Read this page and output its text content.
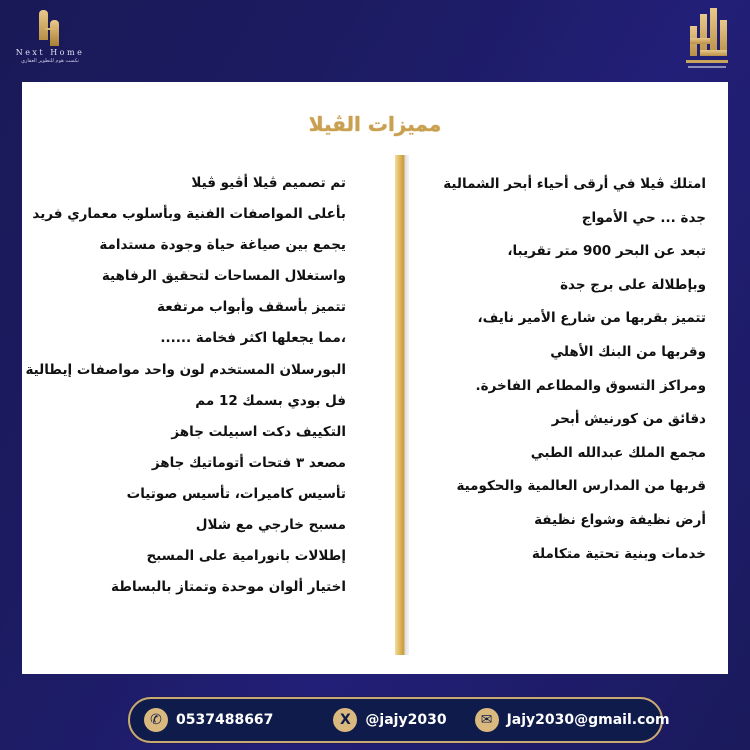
Next Home
نكست هوم للتطوير العقاري
مميزات الڤيلا
امتلك ڤيلا في أرقى أحياء أبحر الشمالية
جدة ... حي الأمواج
تبعد عن البحر 900 متر تقريبا،
وبإطلالة على برج جدة
تتميز بقربها من شارع الأمير نايف،
وقربها من البنك الأهلي
ومراكز التسوق والمطاعم الفاخرة.
دقائق من كورنيش أبحر
مجمع الملك عبدالله الطبي
قربها من المدارس العالمية والحكومية
أرض نظيفة وشواع نظيفة
خدمات وبنية تحتية متكاملة
تم تصميم ڤيلا أڤيو ڤيلا
بأعلى المواصفات الفنية وبأسلوب معماري فريد
يجمع بين صياغة حياة وجودة مستدامة
واستغلال المساحات لتحقيق الرفاهية
تتميز بأسقف وأبواب مرتفعة
،مما يجعلها اكثر فخامة ......
البورسلان المستخدم لون واحد مواصفات إيطالية
فل بودي بسمك 12 مم
التكييف دكت اسبيلت جاهز
مصعد ٣ فتحات أتوماتيك جاهز
تأسيس كاميرات، تأسيس صوتيات
مسبح خارجي مع شلال
إطلالات بانورامية على المسبح
اختيار ألوان موحدة وتمتاز بالبساطة
✆	0537488667	X	@jajy2030	✉	Jajy2030@gmail.com
